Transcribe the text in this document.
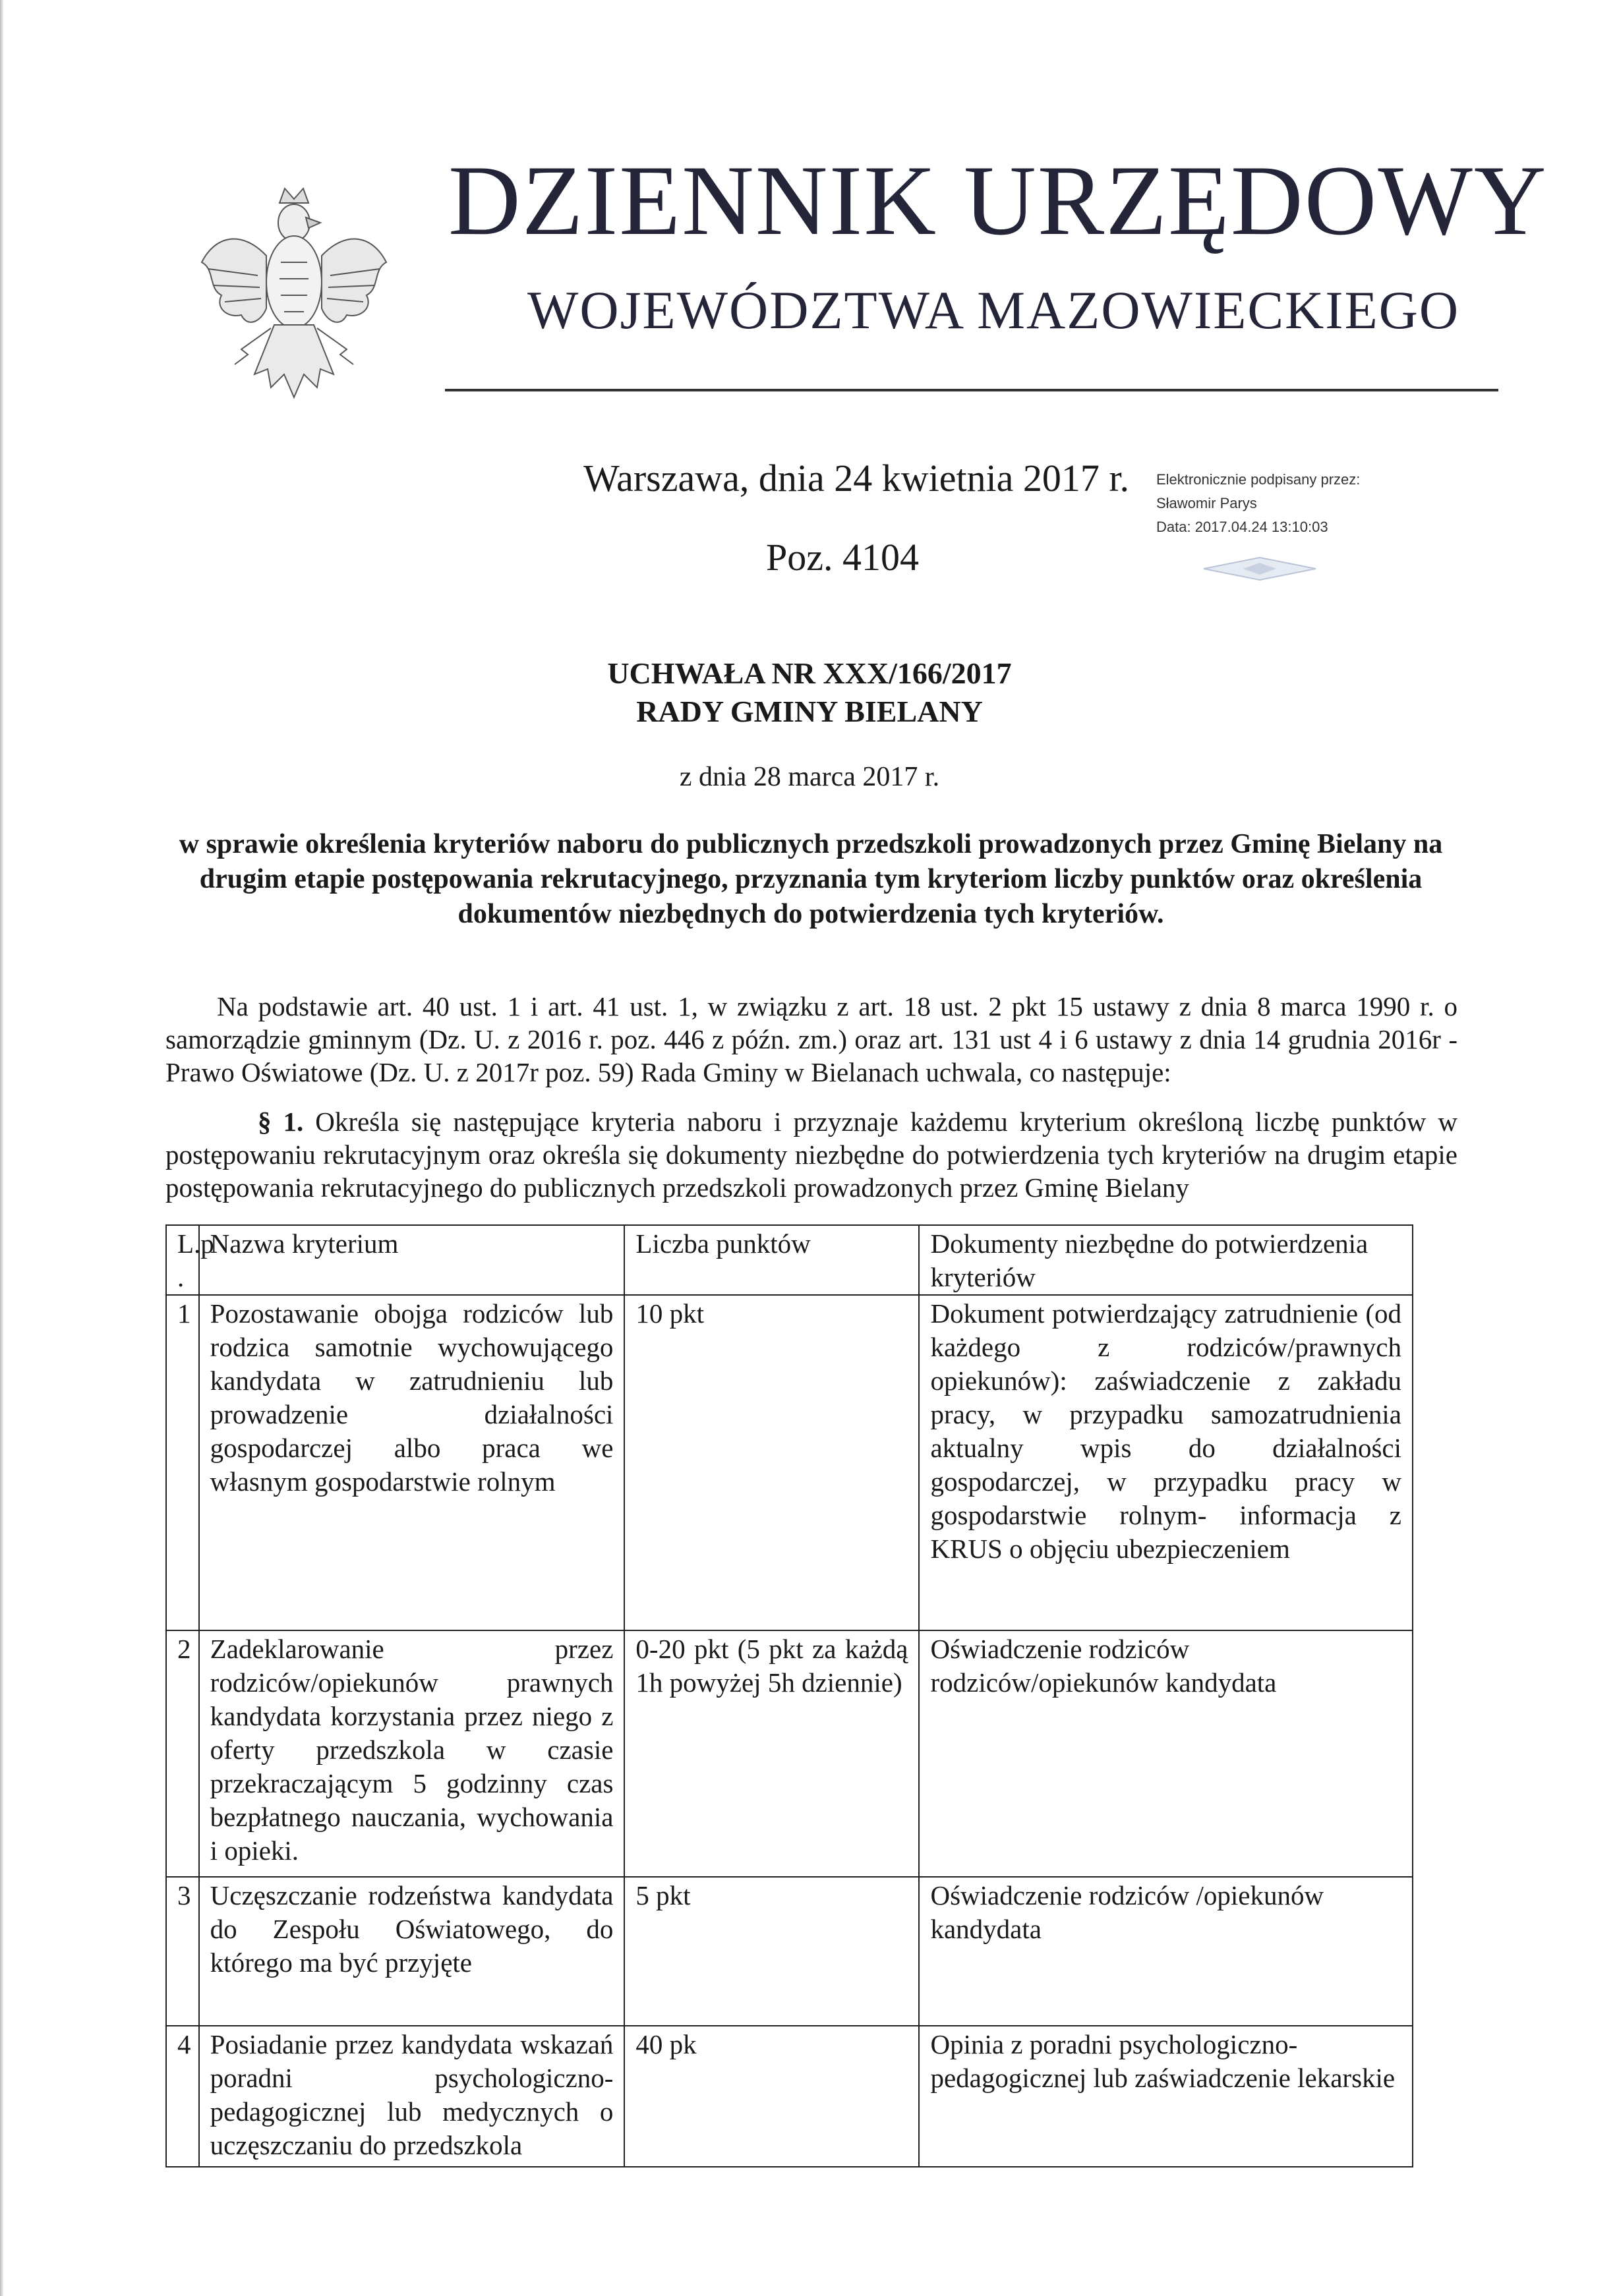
DZIENNIK URZĘDOWY
WOJEWÓDZTWA MAZOWIECKIEGO
Warszawa, dnia 24 kwietnia 2017 r.
Poz. 4104
Elektronicznie podpisany przez:
Sławomir Parys
Data: 2017.04.24 13:10:03
UCHWAŁA NR XXX/166/2017
RADY GMINY BIELANY
z dnia 28 marca 2017 r.
w sprawie określenia kryteriów naboru do publicznych przedszkoli prowadzonych przez Gminę Bielany na drugim etapie postępowania rekrutacyjnego, przyznania tym kryteriom liczby punktów oraz określenia dokumentów niezbędnych do potwierdzenia tych kryteriów.
Na podstawie art. 40 ust. 1 i art. 41 ust. 1, w związku z art. 18 ust. 2 pkt 15 ustawy z dnia 8 marca 1990 r. o samorządzie gminnym (Dz. U. z 2016 r. poz. 446 z późn. zm.) oraz art. 131 ust 4 i 6 ustawy z dnia 14 grudnia 2016r - Prawo Oświatowe (Dz. U. z 2017r poz. 59) Rada Gminy w Bielanach uchwala, co następuje:
§ 1. Określa się następujące kryteria naboru i przyznaje każdemu kryterium określoną liczbę punktów w postępowaniu rekrutacyjnym oraz określa się dokumenty niezbędne do potwierdzenia tych kryteriów na drugim etapie postępowania rekrutacyjnego do publicznych przedszkoli prowadzonych przez Gminę Bielany
L.p .	Nazwa kryterium	Liczba punktów	Dokumenty niezbędne do potwierdzenia kryteriów
1	Pozostawanie obojga rodziców lub rodzica samotnie wychowującego kandydata w zatrudnieniu lub prowadzenie działalności gospodarczej albo praca we własnym gospodarstwie rolnym	10 pkt	Dokument potwierdzający zatrudnienie (od każdego z rodziców/prawnych opiekunów): zaświadczenie z zakładu pracy, w przypadku samozatrudnienia aktualny wpis do działalności gospodarczej, w przypadku pracy w gospodarstwie rolnym- informacja z KRUS o objęciu ubezpieczeniem
2	Zadeklarowanie przez rodziców/opiekunów prawnych kandydata korzystania przez niego z oferty przedszkola w czasie przekraczającym 5 godzinny czas bezpłatnego nauczania, wychowania i opieki.	0-20 pkt (5 pkt za każdą 1h powyżej 5h dziennie)	Oświadczenie rodziców rodziców/opiekunów kandydata
3	Uczęszczanie rodzeństwa kandydata do Zespołu Oświatowego, do którego ma być przyjęte	5 pkt	Oświadczenie rodziców /opiekunów kandydata
4	Posiadanie przez kandydata wskazań poradni psychologiczno-pedagogicznej lub medycznych o uczęszczaniu do przedszkola	40 pk	Opinia z poradni psychologiczno-pedagogicznej lub zaświadczenie lekarskie
